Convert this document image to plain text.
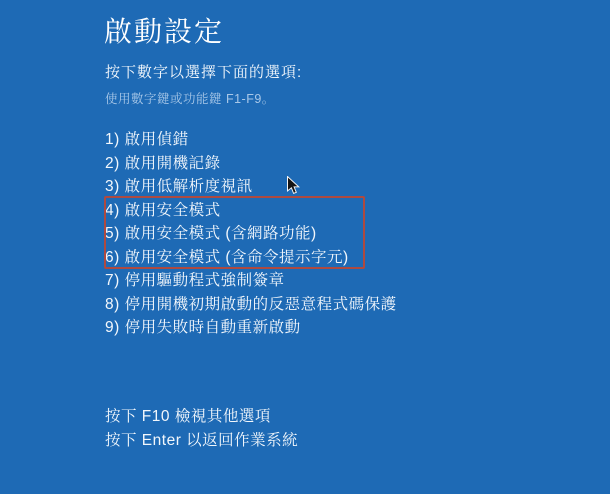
啟動設定
按下數字以選擇下面的選項:
使用數字鍵或功能鍵 F1-F9。
1) 啟用偵錯
2) 啟用開機記錄
3) 啟用低解析度視訊
4) 啟用安全模式
5) 啟用安全模式 (含網路功能)
6) 啟用安全模式 (含命令提示字元)
7) 停用驅動程式強制簽章
8) 停用開機初期啟動的反惡意程式碼保護
9) 停用失敗時自動重新啟動
按下 F10 檢視其他選項
按下 Enter 以返回作業系統
